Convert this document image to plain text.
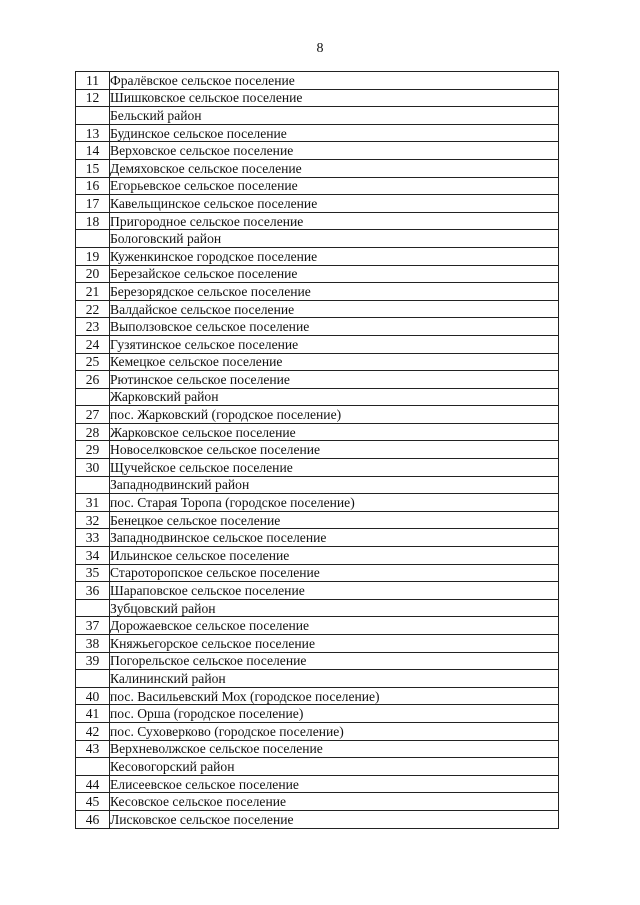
8
11	Фралёвское сельское поселение
12	Шишковское сельское поселение
	Бельский район
13	Будинское сельское поселение
14	Верховское сельское поселение
15	Демяховское сельское поселение
16	Егорьевское сельское поселение
17	Кавельщинское сельское поселение
18	Пригородное сельское поселение
	Бологовский район
19	Куженкинское городское поселение
20	Березайское сельское поселение
21	Березорядское сельское поселение
22	Валдайское сельское поселение
23	Выползовское сельское поселение
24	Гузятинское сельское поселение
25	Кемецкое сельское поселение
26	Рютинское сельское поселение
	Жарковский район
27	пос. Жарковский (городское поселение)
28	Жарковское сельское поселение
29	Новоселковское сельское поселение
30	Щучейское сельское поселение
	Западнодвинский район
31	пос. Старая Торопа (городское поселение)
32	Бенецкое сельское поселение
33	Западнодвинское сельское поселение
34	Ильинское сельское поселение
35	Староторопское сельское поселение
36	Шараповское сельское поселение
	Зубцовский район
37	Дорожаевское сельское поселение
38	Княжьегорское сельское поселение
39	Погорельское сельское поселение
	Калининский район
40	пос. Васильевский Мох (городское поселение)
41	пос. Орша (городское поселение)
42	пос. Суховерково (городское поселение)
43	Верхневолжское сельское поселение
	Кесовогорский район
44	Елисеевское сельское поселение
45	Кесовское сельское поселение
46	Лисковское сельское поселение
